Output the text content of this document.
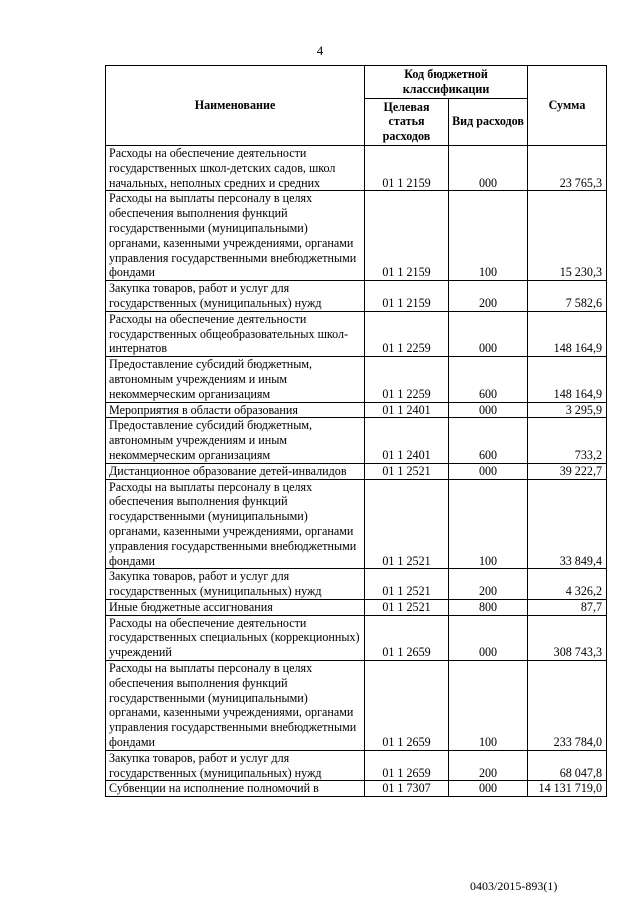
4
Наименование	Код бюджетной классификации		Сумма
	Целевая статья расходов	Вид расходов	
Расходы на обеспечение деятельности государственных школ-детских садов, школ начальных, неполных средних и средних	01 1 2159	000	23 765,3
Расходы на выплаты персоналу в целях обеспечения выполнения функций государственными (муниципальными) органами, казенными учреждениями, органами управления государственными внебюджетными фондами	01 1 2159	100	15 230,3
Закупка товаров, работ и услуг для государственных (муниципальных) нужд	01 1 2159	200	7 582,6
Расходы на обеспечение деятельности государственных общеобразовательных школ-интернатов	01 1 2259	000	148 164,9
Предоставление субсидий бюджетным, автономным учреждениям и иным некоммерческим организациям	01 1 2259	600	148 164,9
Мероприятия в области образования	01 1 2401	000	3 295,9
Предоставление субсидий бюджетным, автономным учреждениям и иным некоммерческим организациям	01 1 2401	600	733,2
Дистанционное образование детей-инвалидов	01 1 2521	000	39 222,7
Расходы на выплаты персоналу в целях обеспечения выполнения функций государственными (муниципальными) органами, казенными учреждениями, органами управления государственными внебюджетными фондами	01 1 2521	100	33 849,4
Закупка товаров, работ и услуг для государственных (муниципальных) нужд	01 1 2521	200	4 326,2
Иные бюджетные ассигнования	01 1 2521	800	87,7
Расходы на обеспечение деятельности государственных специальных (коррекционных) учреждений	01 1 2659	000	308 743,3
Расходы на выплаты персоналу в целях обеспечения выполнения функций государственными (муниципальными) органами, казенными учреждениями, органами управления государственными внебюджетными фондами	01 1 2659	100	233 784,0
Закупка товаров, работ и услуг для государственных (муниципальных) нужд	01 1 2659	200	68 047,8
Субвенции на исполнение полномочий в	01 1 7307	000	14 131 719,0
0403/2015-893(1)
